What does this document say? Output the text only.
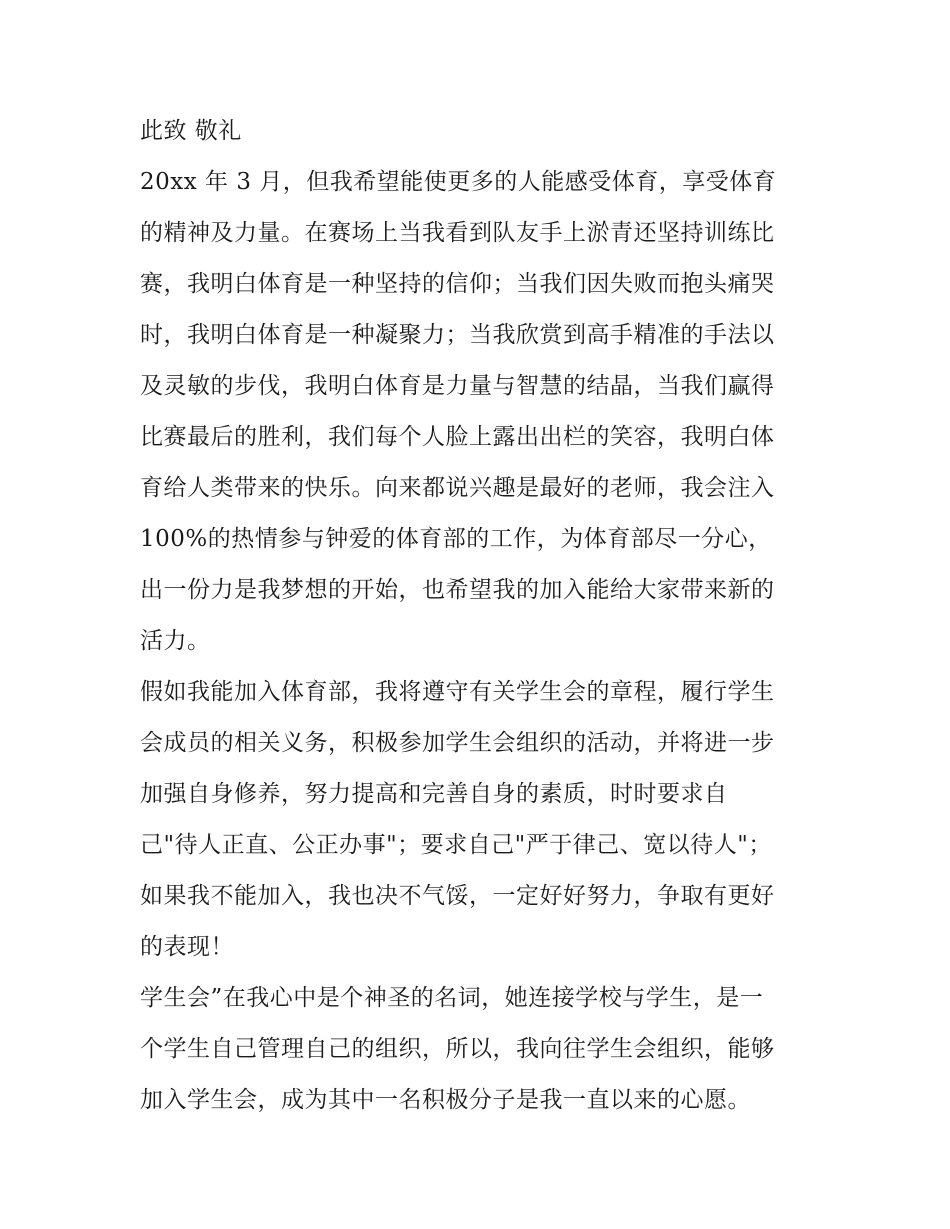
此致 敬礼
20xx 年 3 月，但我希望能使更多的人能感受体育，享受体育
的精神及力量。在赛场上当我看到队友手上淤青还坚持训练比
赛，我明白体育是一种坚持的信仰；当我们因失败而抱头痛哭
时，我明白体育是一种凝聚力；当我欣赏到高手精准的手法以
及灵敏的步伐，我明白体育是力量与智慧的结晶，当我们赢得
比赛最后的胜利，我们每个人脸上露出出栏的笑容，我明白体
育给人类带来的快乐。向来都说兴趣是最好的老师，我会注入
100%的热情参与钟爱的体育部的工作，为体育部尽一分心，
出一份力是我梦想的开始，也希望我的加入能给大家带来新的
活力。
假如我能加入体育部，我将遵守有关学生会的章程，履行学生
会成员的相关义务，积极参加学生会组织的活动，并将进一步
加强自身修养，努力提高和完善自身的素质，时时要求自
己"待人正直、公正办事"；要求自己"严于律己、宽以待人"；
如果我不能加入，我也决不气馁，一定好好努力，争取有更好
的表现！
学生会”在我心中是个神圣的名词，她连接学校与学生，是一
个学生自己管理自己的组织，所以，我向往学生会组织，能够
加入学生会，成为其中一名积极分子是我一直以来的心愿。
